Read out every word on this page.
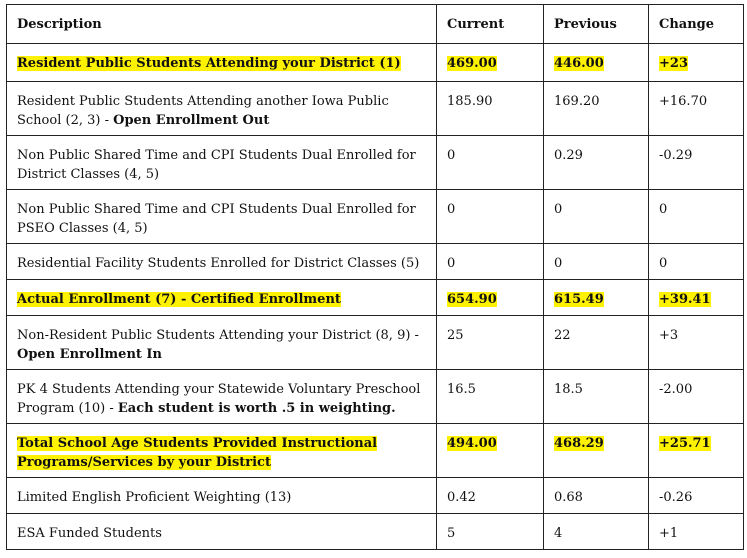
Description	Current	Previous	Change
Resident Public Students Attending your District (1)	469.00	446.00	+23
Resident Public Students Attending another Iowa Public School (2, 3) - Open Enrollment Out	185.90	169.20	+16.70
Non Public Shared Time and CPI Students Dual Enrolled for District Classes (4, 5)	0	0.29	-0.29
Non Public Shared Time and CPI Students Dual Enrolled for PSEO Classes (4, 5)	0	0	0
Residential Facility Students Enrolled for District Classes (5)	0	0	0
Actual Enrollment (7) - Certified Enrollment	654.90	615.49	+39.41
Non-Resident Public Students Attending your District (8, 9) - Open Enrollment In	25	22	+3
PK 4 Students Attending your Statewide Voluntary Preschool Program (10) - Each student is worth .5 in weighting.	16.5	18.5	-2.00
Total School Age Students Provided Instructional Programs/Services by your District	494.00	468.29	+25.71
Limited English Proficient Weighting (13)	0.42	0.68	-0.26
ESA Funded Students	5	4	+1
